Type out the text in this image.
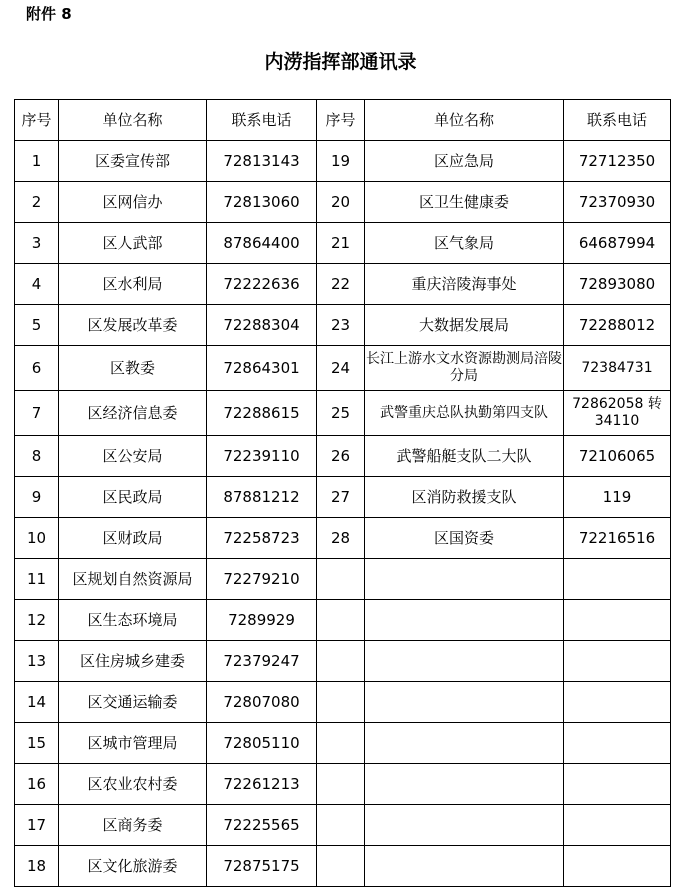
附件 8
内涝指挥部通讯录
序号	单位名称	联系电话	序号	单位名称	联系电话
1	区委宣传部	72813143	19	区应急局	72712350
2	区网信办	72813060	20	区卫生健康委	72370930
3	区人武部	87864400	21	区气象局	64687994
4	区水利局	72222636	22	重庆涪陵海事处	72893080
5	区发展改革委	72288304	23	大数据发展局	72288012
6	区教委	72864301	24	长江上游水文水资源勘测局涪陵分局	72384731
7	区经济信息委	72288615	25	武警重庆总队执勤第四支队	72862058 转 34110
8	区公安局	72239110	26	武警船艇支队二大队	72106065
9	区民政局	87881212	27	区消防救援支队	119
10	区财政局	72258723	28	区国资委	72216516
11	区规划自然资源局	72279210			
12	区生态环境局	7289929			
13	区住房城乡建委	72379247			
14	区交通运输委	72807080			
15	区城市管理局	72805110			
16	区农业农村委	72261213			
17	区商务委	72225565			
18	区文化旅游委	72875175			
